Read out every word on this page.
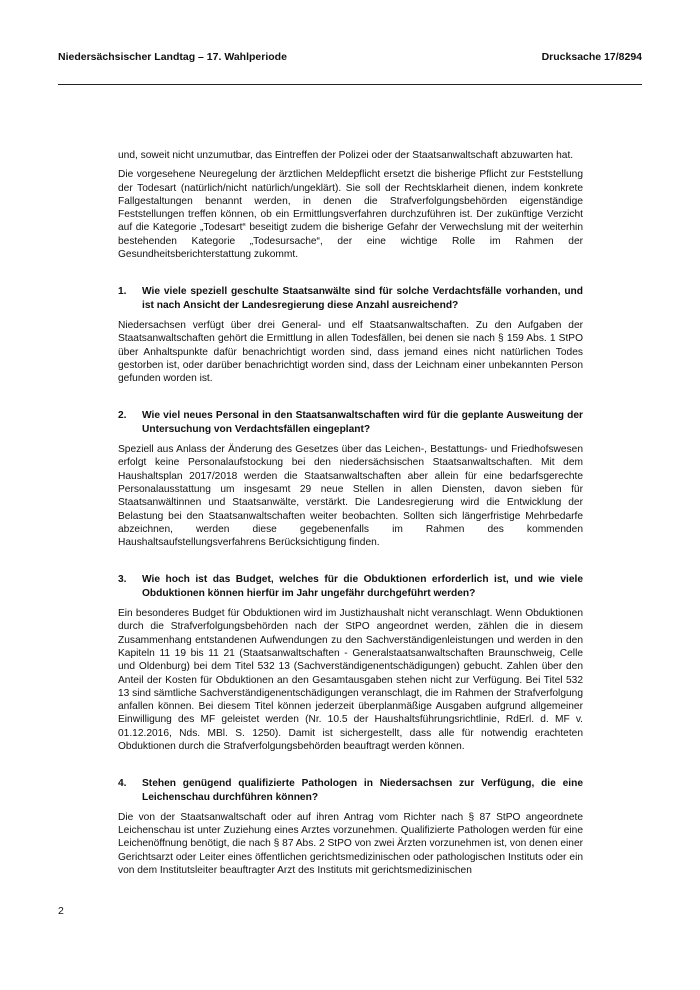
Niedersächsischer Landtag – 17. Wahlperiode	Drucksache 17/8294

und, soweit nicht unzumutbar, das Eintreffen der Polizei oder der Staatsanwaltschaft abzuwarten hat.

Die vorgesehene Neuregelung der ärztlichen Meldepflicht ersetzt die bisherige Pflicht zur Feststellung der Todesart (natürlich/nicht natürlich/ungeklärt). Sie soll der Rechtsklarheit dienen, indem konkrete Fallgestaltungen benannt werden, in denen die Strafverfolgungsbehörden eigenständige Feststellungen treffen können, ob ein Ermittlungsverfahren durchzuführen ist. Der zukünftige Verzicht auf die Kategorie „Todesart“ beseitigt zudem die bisherige Gefahr der Verwechslung mit der weiterhin bestehenden Kategorie „Todesursache“, der eine wichtige Rolle im Rahmen der Gesundheitsberichterstattung zukommt.

1.	Wie viele speziell geschulte Staatsanwälte sind für solche Verdachtsfälle vorhanden, und ist nach Ansicht der Landesregierung diese Anzahl ausreichend?

Niedersachsen verfügt über drei General- und elf Staatsanwaltschaften. Zu den Aufgaben der Staatsanwaltschaften gehört die Ermittlung in allen Todesfällen, bei denen sie nach § 159 Abs. 1 StPO über Anhaltspunkte dafür benachrichtigt worden sind, dass jemand eines nicht natürlichen Todes gestorben ist, oder darüber benachrichtigt worden sind, dass der Leichnam einer unbekannten Person gefunden worden ist.

2.	Wie viel neues Personal in den Staatsanwaltschaften wird für die geplante Ausweitung der Untersuchung von Verdachtsfällen eingeplant?

Speziell aus Anlass der Änderung des Gesetzes über das Leichen-, Bestattungs- und Friedhofswesen erfolgt keine Personalaufstockung bei den niedersächsischen Staatsanwaltschaften. Mit dem Haushaltsplan 2017/2018 werden die Staatsanwaltschaften aber allein für eine bedarfsgerechte Personalausstattung um insgesamt 29 neue Stellen in allen Diensten, davon sieben für Staatsanwältinnen und Staatsanwälte, verstärkt. Die Landesregierung wird die Entwicklung der Belastung bei den Staatsanwaltschaften weiter beobachten. Sollten sich längerfristige Mehrbedarfe abzeichnen, werden diese gegebenenfalls im Rahmen des kommenden Haushaltsaufstellungsverfahrens Berücksichtigung finden.

3.	Wie hoch ist das Budget, welches für die Obduktionen erforderlich ist, und wie viele Obduktionen können hierfür im Jahr ungefähr durchgeführt werden?

Ein besonderes Budget für Obduktionen wird im Justizhaushalt nicht veranschlagt. Wenn Obduktionen durch die Strafverfolgungsbehörden nach der StPO angeordnet werden, zählen die in diesem Zusammenhang entstandenen Aufwendungen zu den Sachverständigenleistungen und werden in den Kapiteln 11 19 bis 11 21 (Staatsanwaltschaften - Generalstaatsanwaltschaften Braunschweig, Celle und Oldenburg) bei dem Titel 532 13 (Sachverständigenentschädigungen) gebucht. Zahlen über den Anteil der Kosten für Obduktionen an den Gesamtausgaben stehen nicht zur Verfügung. Bei Titel 532 13 sind sämtliche Sachverständigenentschädigungen veranschlagt, die im Rahmen der Strafverfolgung anfallen können. Bei diesem Titel können jederzeit überplanmäßige Ausgaben aufgrund allgemeiner Einwilligung des MF geleistet werden (Nr. 10.5 der Haushaltsführungsrichtlinie, RdErl. d. MF v. 01.12.2016, Nds. MBl. S. 1250). Damit ist sichergestellt, dass alle für notwendig erachteten Obduktionen durch die Strafverfolgungsbehörden beauftragt werden können.

4.	Stehen genügend qualifizierte Pathologen in Niedersachsen zur Verfügung, die eine Leichenschau durchführen können?

Die von der Staatsanwaltschaft oder auf ihren Antrag vom Richter nach § 87 StPO angeordnete Leichenschau ist unter Zuziehung eines Arztes vorzunehmen. Qualifizierte Pathologen werden für eine Leichenöffnung benötigt, die nach § 87 Abs. 2 StPO von zwei Ärzten vorzunehmen ist, von denen einer Gerichtsarzt oder Leiter eines öffentlichen gerichtsmedizinischen oder pathologischen Instituts oder ein von dem Institutsleiter beauftragter Arzt des Instituts mit gerichtsmedizinischen

2
